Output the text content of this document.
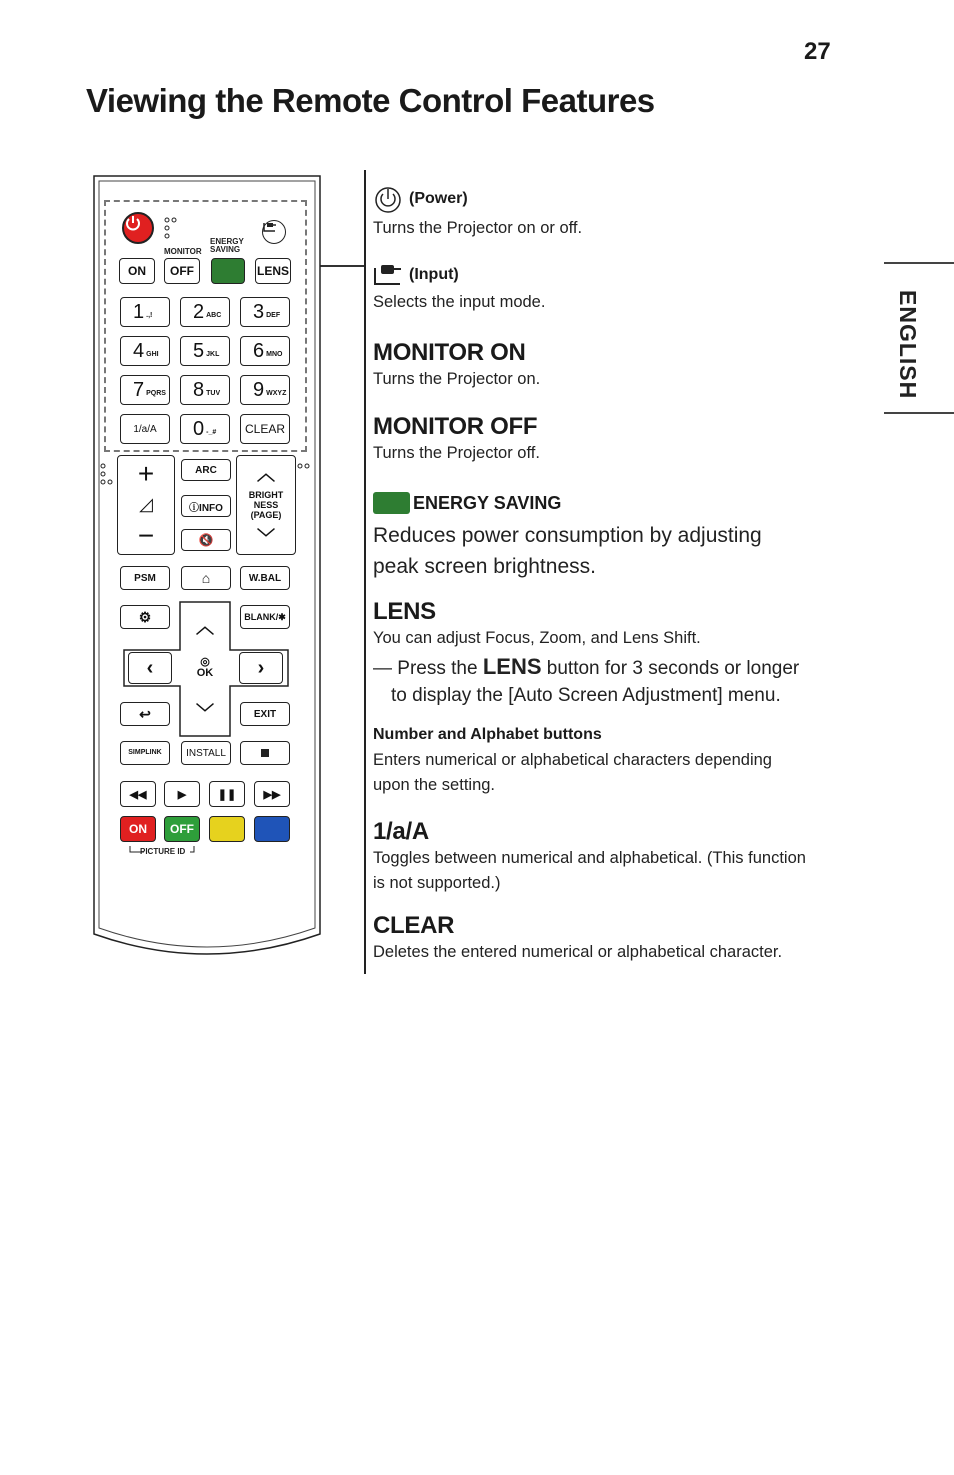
27
Viewing the Remote Control Features
ENGLISH
MONITOR
ENERGY SAVING
ON	OFF	LENS
1 $_{.,!}$ 2 $_{ABC}$ 3 $_{DEF}$
4 $_{GHI}$ 5 $_{JKL}$ 6 $_{MNO}$
7 $_{PQRS}$ 8 $_{TUV}$ 9 $_{WXYZ}$
1/a/A	0 $_{-\_\#}$	CLEAR
+
◿
−
ARC
ⓘINFO
🔇
︿
BRIGHT NESS (PAGE)
﹀
PSM	⌂	W.BAL
⚙
︿	BLANK/✱
‹	◎
OK ›
↩	﹀	EXIT
SIMPLINK	INSTALL
◀◀	▶	❚❚ ▶▶
ON	OFF
PICTURE ID
(Power)
Turns the Projector on or off.
(Input)
Selects the input mode.
MONITOR ON
Turns the Projector on.
MONITOR OFF
Turns the Projector off.
ENERGY SAVING
Reduces power consumption by adjusting peak screen brightness.
LENS
You can adjust Focus, Zoom, and Lens Shift.
— Press the LENS button for 3 seconds or longer to display the [Auto Screen Adjustment] menu.
Number and Alphabet buttons
Enters numerical or alphabetical characters depending upon the setting.
1/a/A
Toggles between numerical and alphabetical. (This function is not supported.)
CLEAR
Deletes the entered numerical or alphabetical character.
